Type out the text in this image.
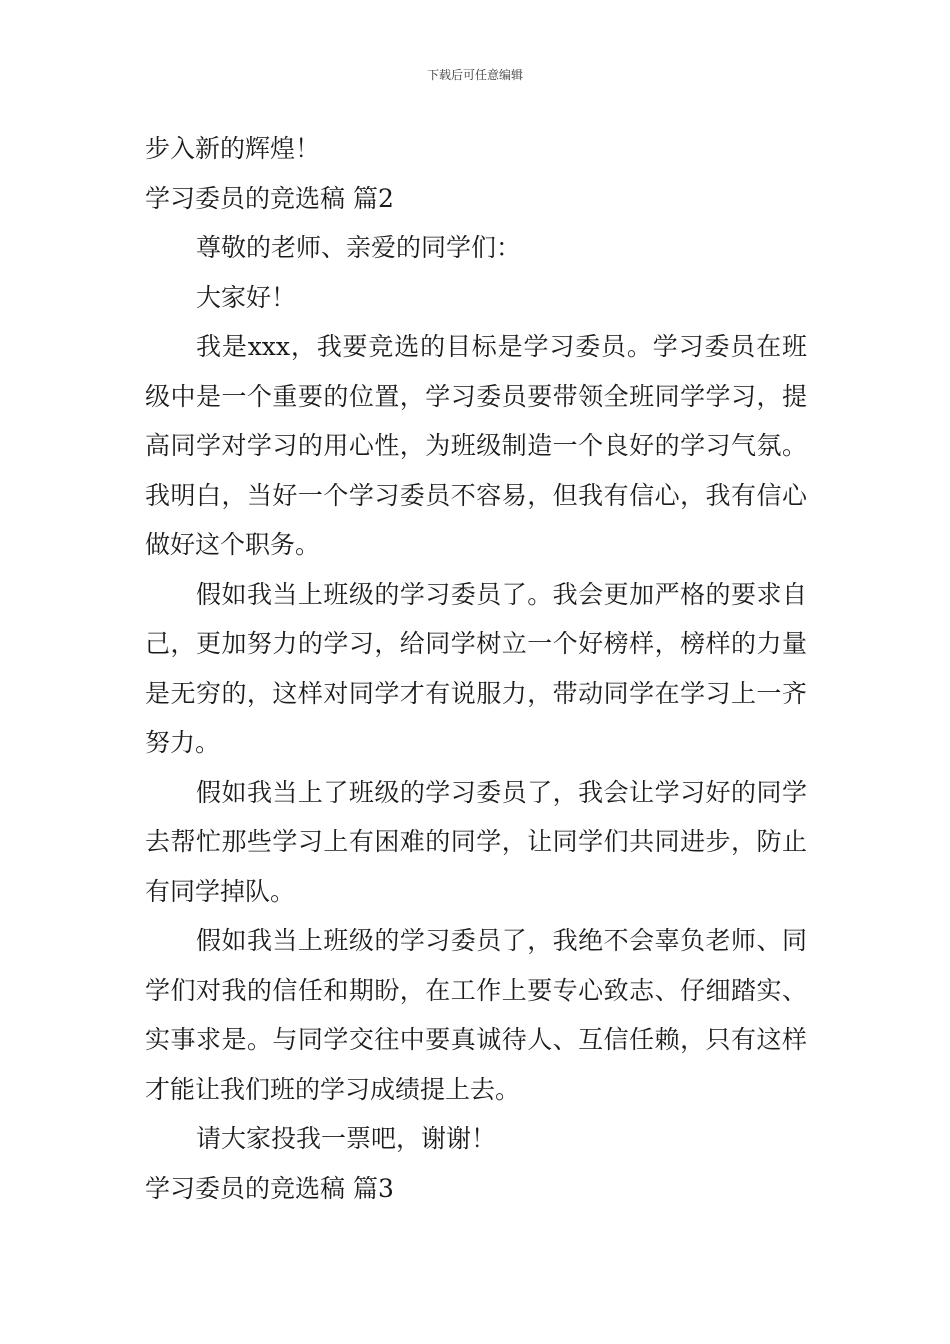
下载后可任意编辑

步入新的辉煌！

学习委员的竞选稿 篇2

尊敬的老师、亲爱的同学们：

大家好！

我是xxx，我要竞选的目标是学习委员。学习委员在班级中是一个重要的位置，学习委员要带领全班同学学习，提高同学对学习的用心性，为班级制造一个良好的学习气氛。我明白，当好一个学习委员不容易，但我有信心，我有信心做好这个职务。

假如我当上班级的学习委员了。我会更加严格的要求自己，更加努力的学习，给同学树立一个好榜样，榜样的力量是无穷的，这样对同学才有说服力，带动同学在学习上一齐努力。

假如我当上了班级的学习委员了，我会让学习好的同学去帮忙那些学习上有困难的同学，让同学们共同进步，防止有同学掉队。

假如我当上班级的学习委员了，我绝不会辜负老师、同学们对我的信任和期盼，在工作上要专心致志、仔细踏实、实事求是。与同学交往中要真诚待人、互信任赖，只有这样才能让我们班的学习成绩提上去。

请大家投我一票吧，谢谢！

学习委员的竞选稿 篇3
